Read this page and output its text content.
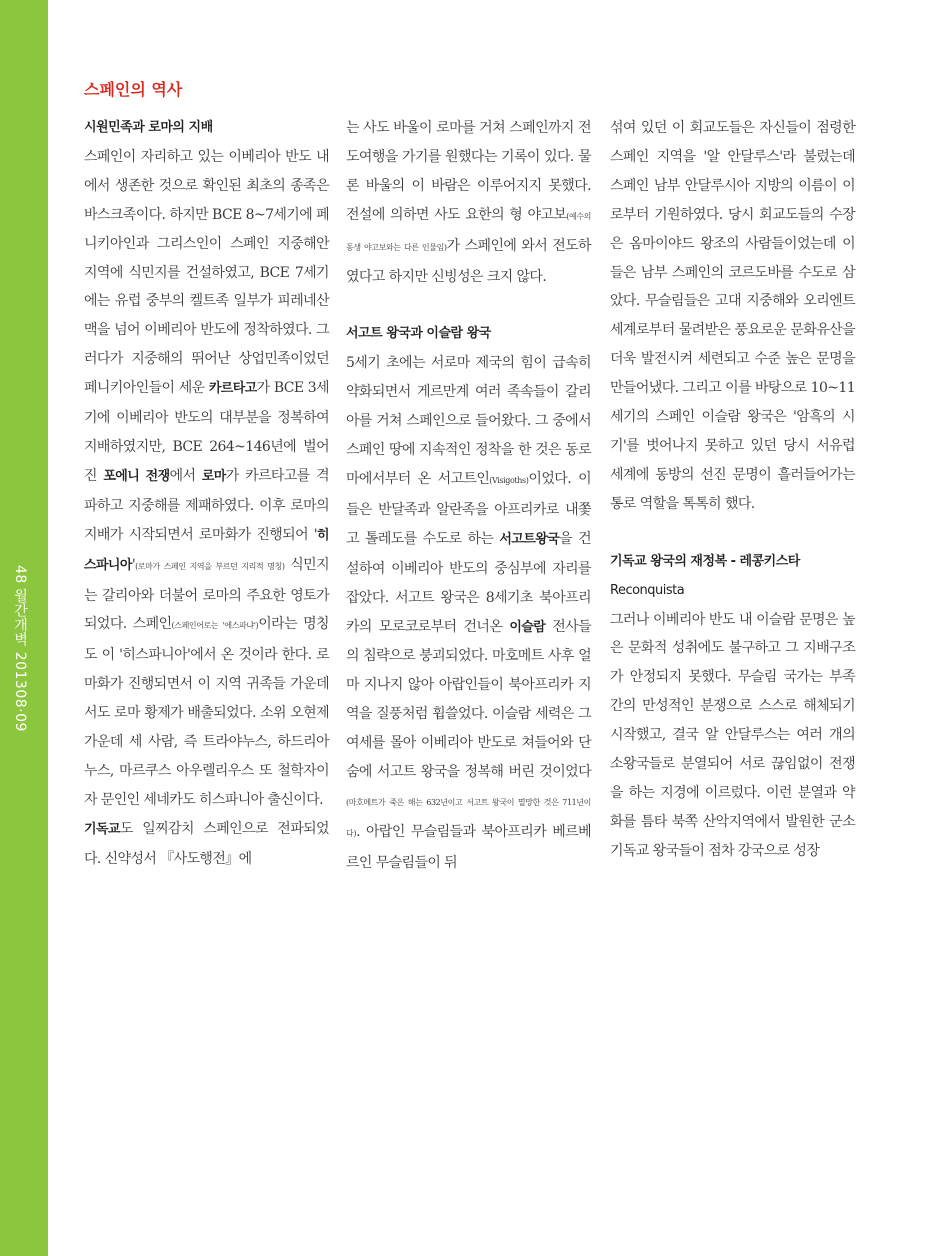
48 월간개벽 201308·09
스페인의 역사
시원민족과 로마의 지배

스페인이 자리하고 있는 이베리아 반도 내에서 생존한 것으로 확인된 최초의 종족은 바스크족이다. 하지만 BCE 8~7세기에 페니키아인과 그리스인이 스페인 지중해안 지역에 식민지를 건설하였고, BCE 7세기에는 유럽 중부의 켈트족 일부가 피레네산맥을 넘어 이베리아 반도에 정착하였다. 그러다가 지중해의 뛰어난 상업민족이었던 페니키아인들이 세운 카르타고가 BCE 3세기에 이베리아 반도의 대부분을 정복하여 지배하였지만, BCE 264~146년에 벌어진 포에니 전쟁에서 로마가 카르타고를 격파하고 지중해를 제패하였다. 이후 로마의 지배가 시작되면서 로마화가 진행되어 '히스파니아'(로마가 스페인 지역을 부르던 지리적 명칭) 식민지는 갈리아와 더불어 로마의 주요한 영토가 되었다. 스페인(스페인어로는 '에스파냐')이라는 명칭도 이 '히스파니아'에서 온 것이라 한다. 로마화가 진행되면서 이 지역 귀족들 가운데서도 로마 황제가 배출되었다. 소위 오현제 가운데 세 사람, 즉 트라야누스, 하드리아누스, 마르쿠스 아우렐리우스 또 철학자이자 문인인 세네카도 히스파니아 출신이다.

기독교도 일찌감치 스페인으로 전파되었다. 신약성서 『사도행전』에

는 사도 바울이 로마를 거쳐 스페인까지 전도여행을 가기를 원했다는 기록이 있다. 물론 바울의 이 바람은 이루어지지 못했다. 전설에 의하면 사도 요한의 형 야고보(예수의 동생 야고보와는 다른 인물임)가 스페인에 와서 전도하였다고 하지만 신빙성은 크지 않다.

서고트 왕국과 이슬람 왕국

5세기 초에는 서로마 제국의 힘이 급속히 약화되면서 게르만계 여러 족속들이 갈리아를 거쳐 스페인으로 들어왔다. 그 중에서 스페인 땅에 지속적인 정착을 한 것은 동로마에서부터 온 서고트인(Visigoths)이었다. 이들은 반달족과 알란족을 아프리카로 내쫓고 톨레도를 수도로 하는 서고트왕국을 건설하여 이베리아 반도의 중심부에 자리를 잡았다. 서고트 왕국은 8세기초 북아프리카의 모로코로부터 건너온 이슬람 전사들의 침략으로 붕괴되었다. 마호메트 사후 얼마 지나지 않아 아랍인들이 북아프리카 지역을 질풍처럼 휩쓸었다. 이슬람 세력은 그 여세를 몰아 이베리아 반도로 쳐들어와 단숨에 서고트 왕국을 정복해 버린 것이었다(마호메트가 죽은 해는 632년이고 서고트 왕국이 멸망한 것은 711년이다). 아랍인 무슬림들과 북아프리카 베르베르인 무슬림들이 뒤

섞여 있던 이 회교도들은 자신들이 점령한 스페인 지역을 '알 안달루스'라 불렀는데 스페인 남부 안달루시아 지방의 이름이 이로부터 기원하였다. 당시 회교도들의 수장은 옴마이야드 왕조의 사람들이었는데 이들은 남부 스페인의 코르도바를 수도로 삼았다. 무슬림들은 고대 지중해와 오리엔트 세계로부터 물려받은 풍요로운 문화유산을 더욱 발전시켜 세련되고 수준 높은 문명을 만들어냈다. 그리고 이를 바탕으로 10~11세기의 스페인 이슬람 왕국은 '암흑의 시기'를 벗어나지 못하고 있던 당시 서유럽 세계에 동방의 선진 문명이 흘러들어가는 통로 역할을 톡톡히 했다.

기독교 왕국의 재정복 - 레콩키스타
Reconquista

그러나 이베리아 반도 내 이슬람 문명은 높은 문화적 성취에도 불구하고 그 지배구조가 안정되지 못했다. 무슬림 국가는 부족 간의 만성적인 분쟁으로 스스로 해체되기 시작했고, 결국 알 안달루스는 여러 개의 소왕국들로 분열되어 서로 끊임없이 전쟁을 하는 지경에 이르렀다. 이런 분열과 약화를 틈타 북쪽 산악지역에서 발원한 군소 기독교 왕국들이 점차 강국으로 성장
